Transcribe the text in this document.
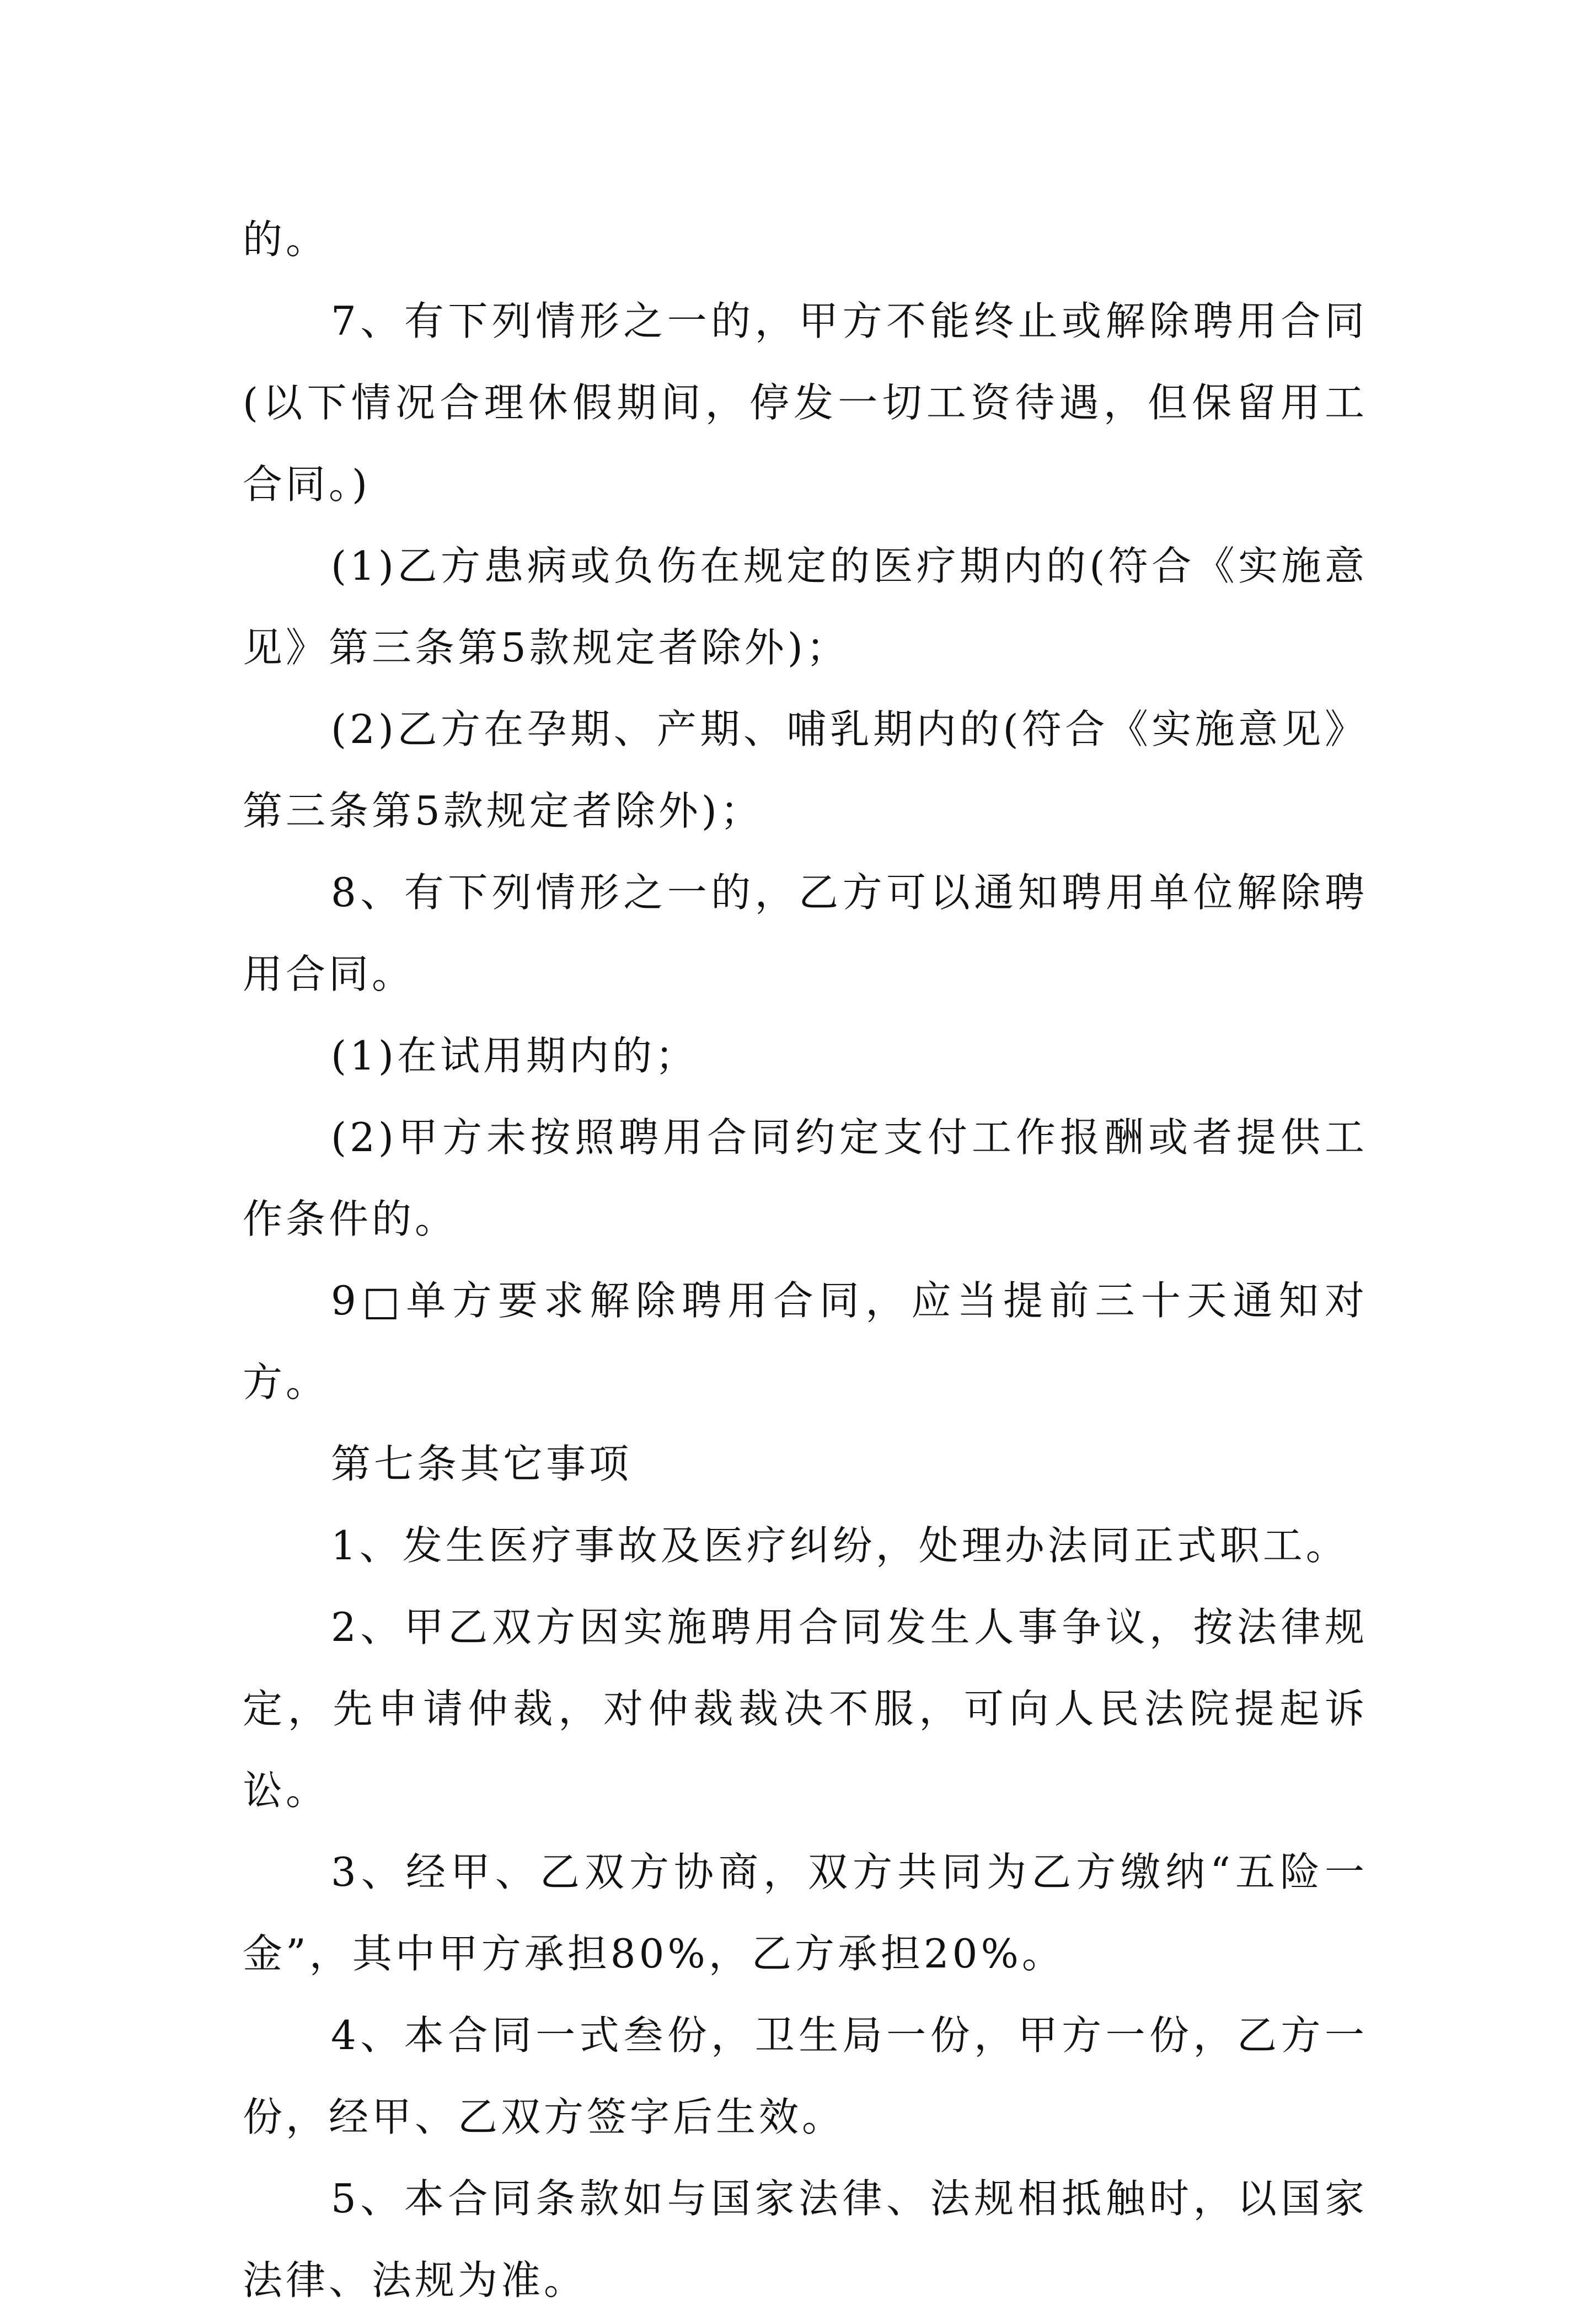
的。

7、有下列情形之一的，甲方不能终止或解除聘用合同(以下情况合理休假期间，停发一切工资待遇，但保留用工合同。)

(1)乙方患病或负伤在规定的医疗期内的(符合《实施意见》第三条第5款规定者除外)；

(2)乙方在孕期、产期、哺乳期内的(符合《实施意见》第三条第5款规定者除外)；

8、有下列情形之一的，乙方可以通知聘用单位解除聘用合同。

(1)在试用期内的；

(2)甲方未按照聘用合同约定支付工作报酬或者提供工作条件的。

9□单方要求解除聘用合同，应当提前三十天通知对方。

第七条其它事项

1、发生医疗事故及医疗纠纷，处理办法同正式职工。

2、甲乙双方因实施聘用合同发生人事争议，按法律规定，先申请仲裁，对仲裁裁决不服，可向人民法院提起诉讼。

3、经甲、乙双方协商，双方共同为乙方缴纳“五险一金”，其中甲方承担80%，乙方承担20%。

4、本合同一式叁份，卫生局一份，甲方一份，乙方一份，经甲、乙双方签字后生效。

5、本合同条款如与国家法律、法规相抵触时，以国家法律、法规为准。
